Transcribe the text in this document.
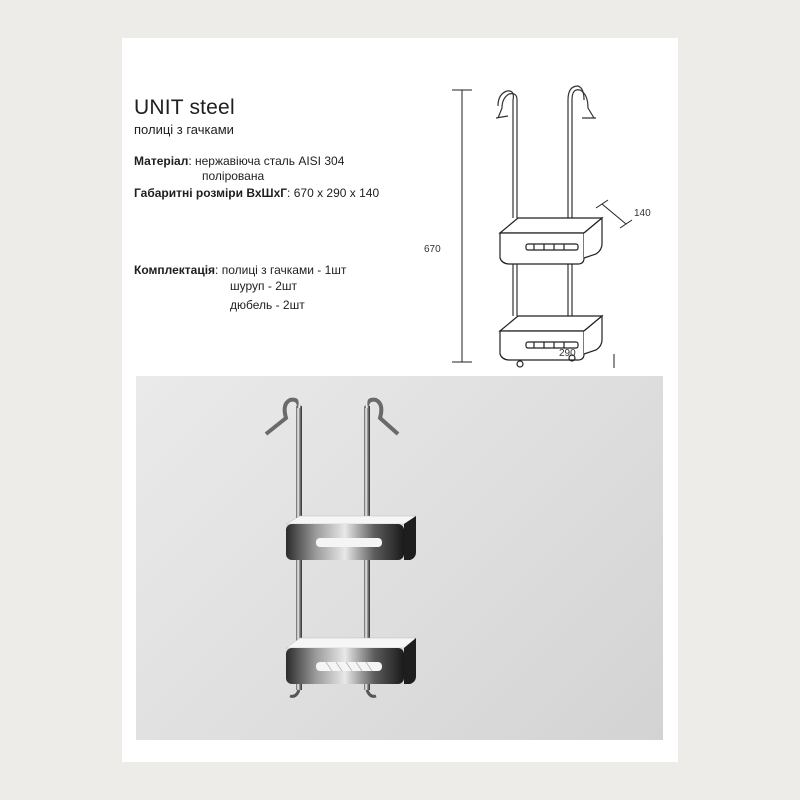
UNIT steel
полиці з гачками
Матеріал: нержавіюча сталь AISI 304
полірована
Габаритні розміри ВхШхГ: 670 х 290 х 140
Комплектація: полиці з гачками - 1шт
шуруп - 2шт
дюбель - 2шт
670
140
290
